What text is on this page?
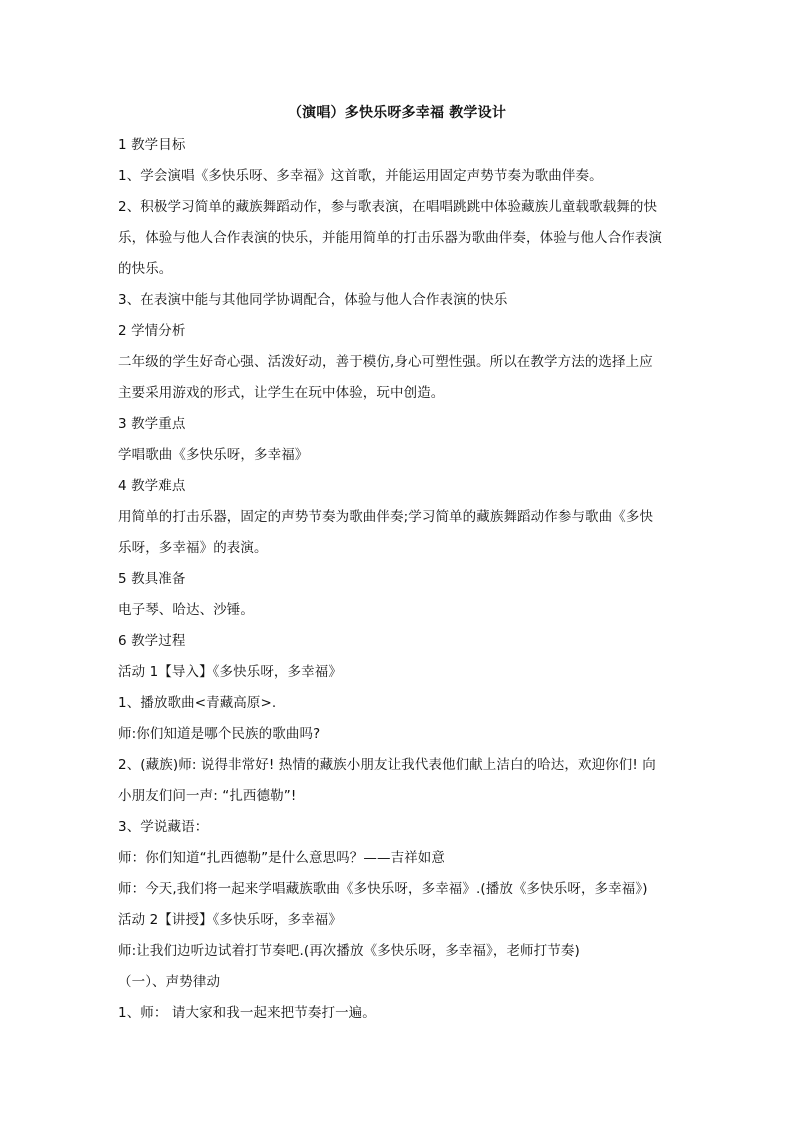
（演唱）多快乐呀多幸福 教学设计
1 教学目标
1、学会演唱《多快乐呀、多幸福》这首歌，并能运用固定声势节奏为歌曲伴奏。
2、积极学习简单的藏族舞蹈动作，参与歌表演，在唱唱跳跳中体验藏族儿童载歌载舞的快
乐，体验与他人合作表演的快乐，并能用简单的打击乐器为歌曲伴奏，体验与他人合作表演
的快乐。
3、在表演中能与其他同学协调配合，体验与他人合作表演的快乐
2 学情分析
二年级的学生好奇心强、活泼好动，善于模仿,身心可塑性强。所以在教学方法的选择上应
主要采用游戏的形式，让学生在玩中体验，玩中创造。
3 教学重点
学唱歌曲《多快乐呀，多幸福》
4 教学难点
用简单的打击乐器，固定的声势节奏为歌曲伴奏;学习简单的藏族舞蹈动作参与歌曲《多快
乐呀，多幸福》的表演。
5 教具准备
电子琴、哈达、沙锤。
6 教学过程
活动 1【导入】《多快乐呀，多幸福》
1、播放歌曲<青藏高原>.
师:你们知道是哪个民族的歌曲吗?
2、(藏族)师: 说得非常好! 热情的藏族小朋友让我代表他们献上洁白的哈达，欢迎你们! 向
小朋友们问一声: “扎西德勒”!
3、学说藏语：
师：你们知道“扎西德勒”是什么意思吗？——吉祥如意
师：今天,我们将一起来学唱藏族歌曲《多快乐呀，多幸福》.(播放《多快乐呀，多幸福》)
活动 2【讲授】《多快乐呀，多幸福》
师:让我们边听边试着打节奏吧.(再次播放《多快乐呀，多幸福》，老师打节奏)
（一）、声势律动
1、师： 请大家和我一起来把节奏打一遍。
